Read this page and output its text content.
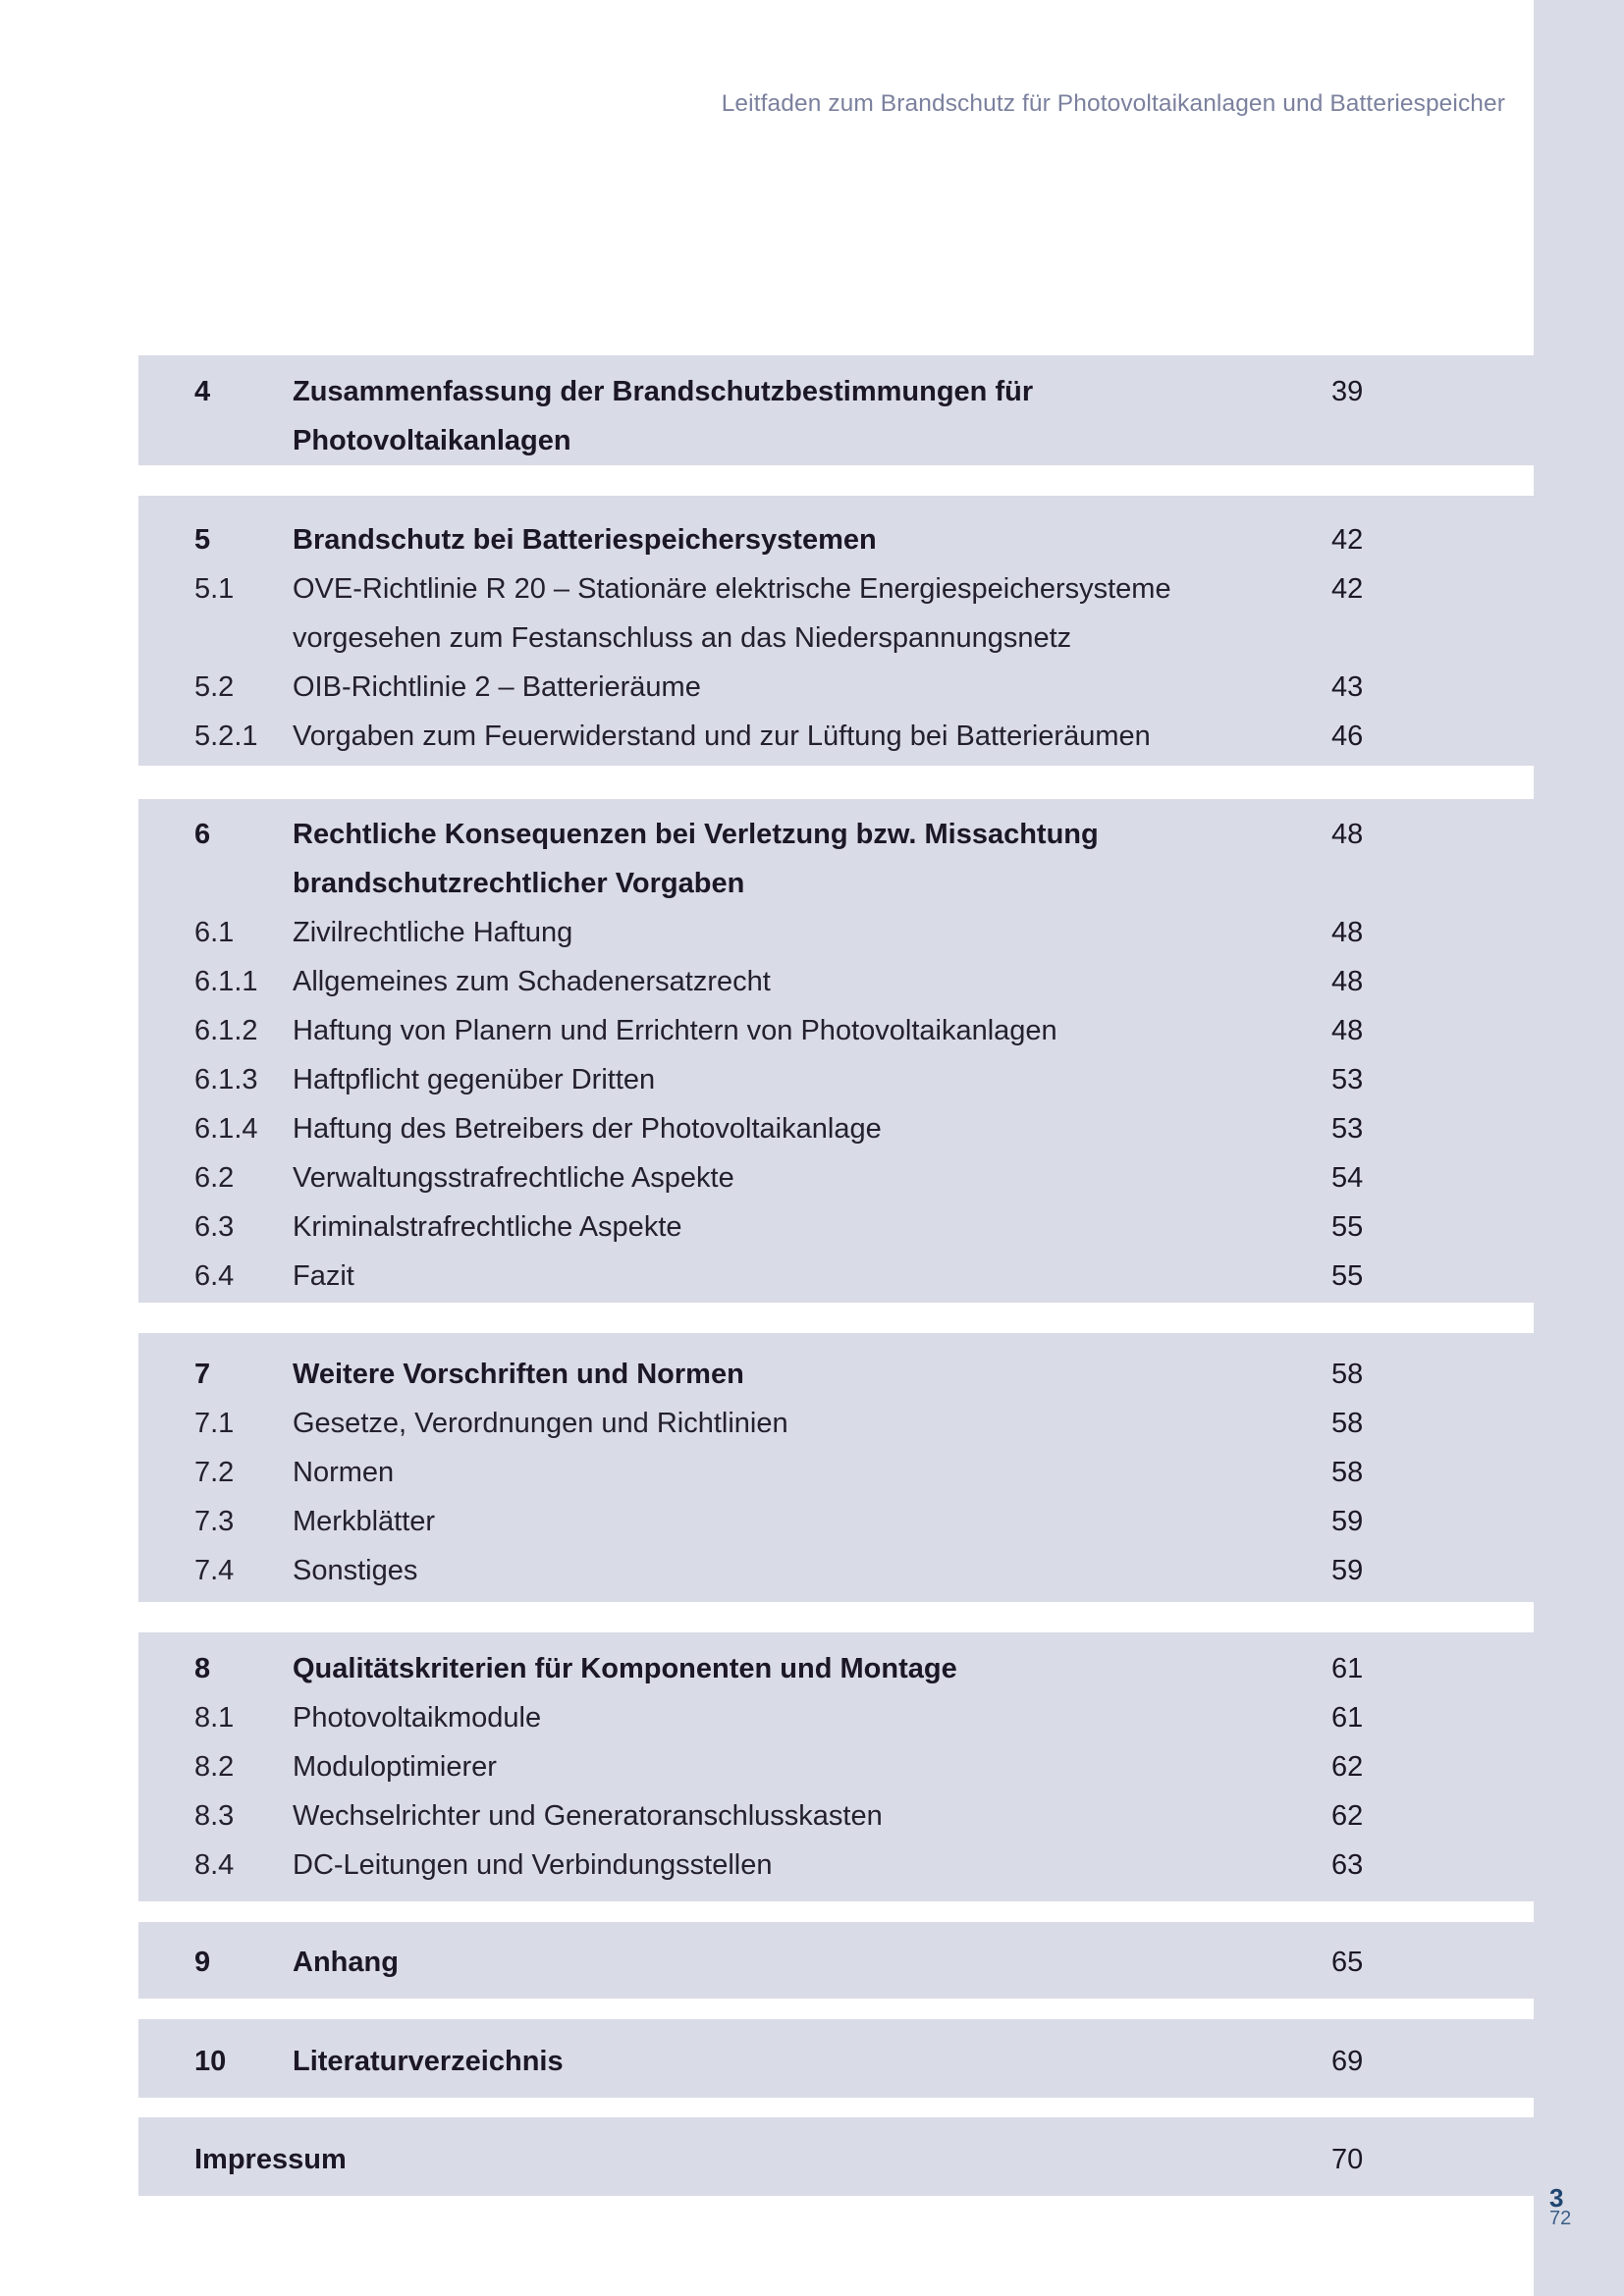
Leitfaden zum Brandschutz für Photovoltaikanlagen und Batteriespeicher
4	Zusammenfassung der Brandschutzbestimmungen für	39
Photovoltaikanlagen
5	Brandschutz bei Batteriespeichersystemen	42
5.1 OVE-Richtlinie R 20 – Stationäre elektrische Energiespeichersysteme	42
vorgesehen zum Festanschluss an das Niederspannungsnetz
5.2 OIB-Richtlinie 2 – Batterieräume	43
5.2.1 Vorgaben zum Feuerwiderstand und zur Lüftung bei Batterieräumen	46
6	Rechtliche Konsequenzen bei Verletzung bzw. Missachtung	48
brandschutzrechtlicher Vorgaben
6.1 Zivilrechtliche Haftung	48
6.1.1 Allgemeines zum Schadenersatzrecht	48
6.1.2 Haftung von Planern und Errichtern von Photovoltaikanlagen	48
6.1.3 Haftpflicht gegenüber Dritten	53
6.1.4 Haftung des Betreibers der Photovoltaikanlage	53
6.2 Verwaltungsstrafrechtliche Aspekte	54
6.3 Kriminalstrafrechtliche Aspekte	55
6.4 Fazit	55
7	Weitere Vorschriften und Normen	58
7.1 Gesetze, Verordnungen und Richtlinien	58
7.2 Normen	58
7.3 Merkblätter	59
7.4 Sonstiges	59
8	Qualitätskriterien für Komponenten und Montage	61
8.1 Photovoltaikmodule	61
8.2 Moduloptimierer	62
8.3 Wechselrichter und Generatoranschlusskasten	62
8.4 DC-Leitungen und Verbindungsstellen	63
9	Anhang	65
10 Literaturverzeichnis	69
Impressum	70
3
72
